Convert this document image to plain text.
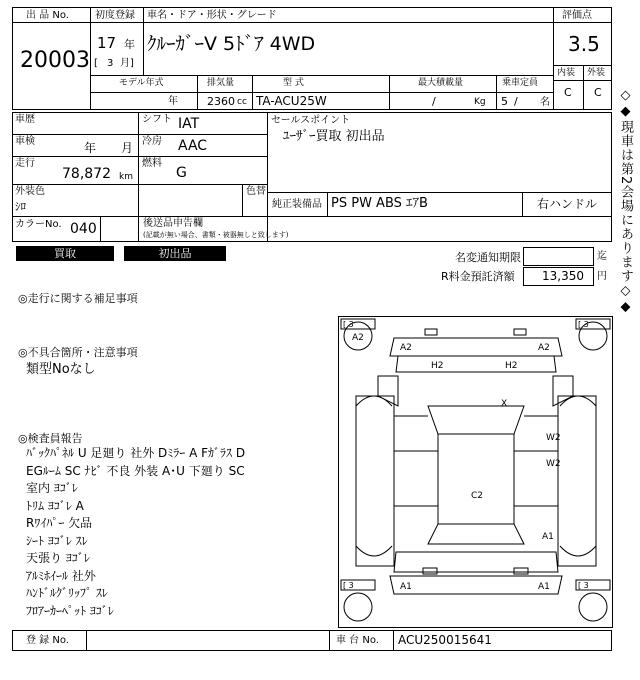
出 品 No.
20003
初度登録
17 年
[ 3 月]
車名・ドア・形状・グレード
ｸﾙｰｶﾞｰV 5ﾄﾞｱ 4WD
評価点
3.5
内装 外装
C C
モデル年式
年
排気量
2360 cc
型 式
TA-ACU25W
最大積載量
/	Kg
乗車定員
5 / 名
車歴
車検	年 月
走行
78,872 km
シフト IAT
冷房 AAC
燃料
G
セールスポイント
ﾕｰｻﾞｰ買取 初出品
外装色
ｼﾛ
色替
純正装備品 PS PW ABS ｴｱB	右ハンドル
カラーNo. 040	後送品申告欄
(記載が無い場合、書類・被器無しと致します)
買取	初出品	名変通知期限	迄
R料金預託済額 13,350 円
◎走行に関する補足事項
◎不具合箇所・注意事項
類型Noなし
◎検査員報告
ﾊﾞｯｸﾊﾟﾈﾙ U 足廻り 社外 Dﾐﾗｰ A Fｶﾞﾗｽ D
EGﾙｰﾑ SC ﾅﾋﾞ 不良 外装 A･U 下廻り SC
室内 ﾖｺﾞﾚ
ﾄﾘﾑ ﾖｺﾞﾚ A
Rﾜｲﾊﾟｰ 欠品
ｼｰﾄ ﾖｺﾞﾚ ｽﾚ
天張り ﾖｺﾞﾚ
ｱﾙﾐﾎｲｰﾙ 社外
ﾊﾝﾄﾞﾙｸﾞﾘｯﾌﾟ ｽﾚ
ﾌﾛｱｰｶｰﾍﾟｯﾄ ﾖｺﾞﾚ
[ 3	[ 3
[ 3	[ 3
A2
A2	A2
H2	H2
X
W2
W2
C2
A1
A1	A1
◇◆現車は第2会場にあります◇◆
登 録 No.	車 台 No. ACU250015641
